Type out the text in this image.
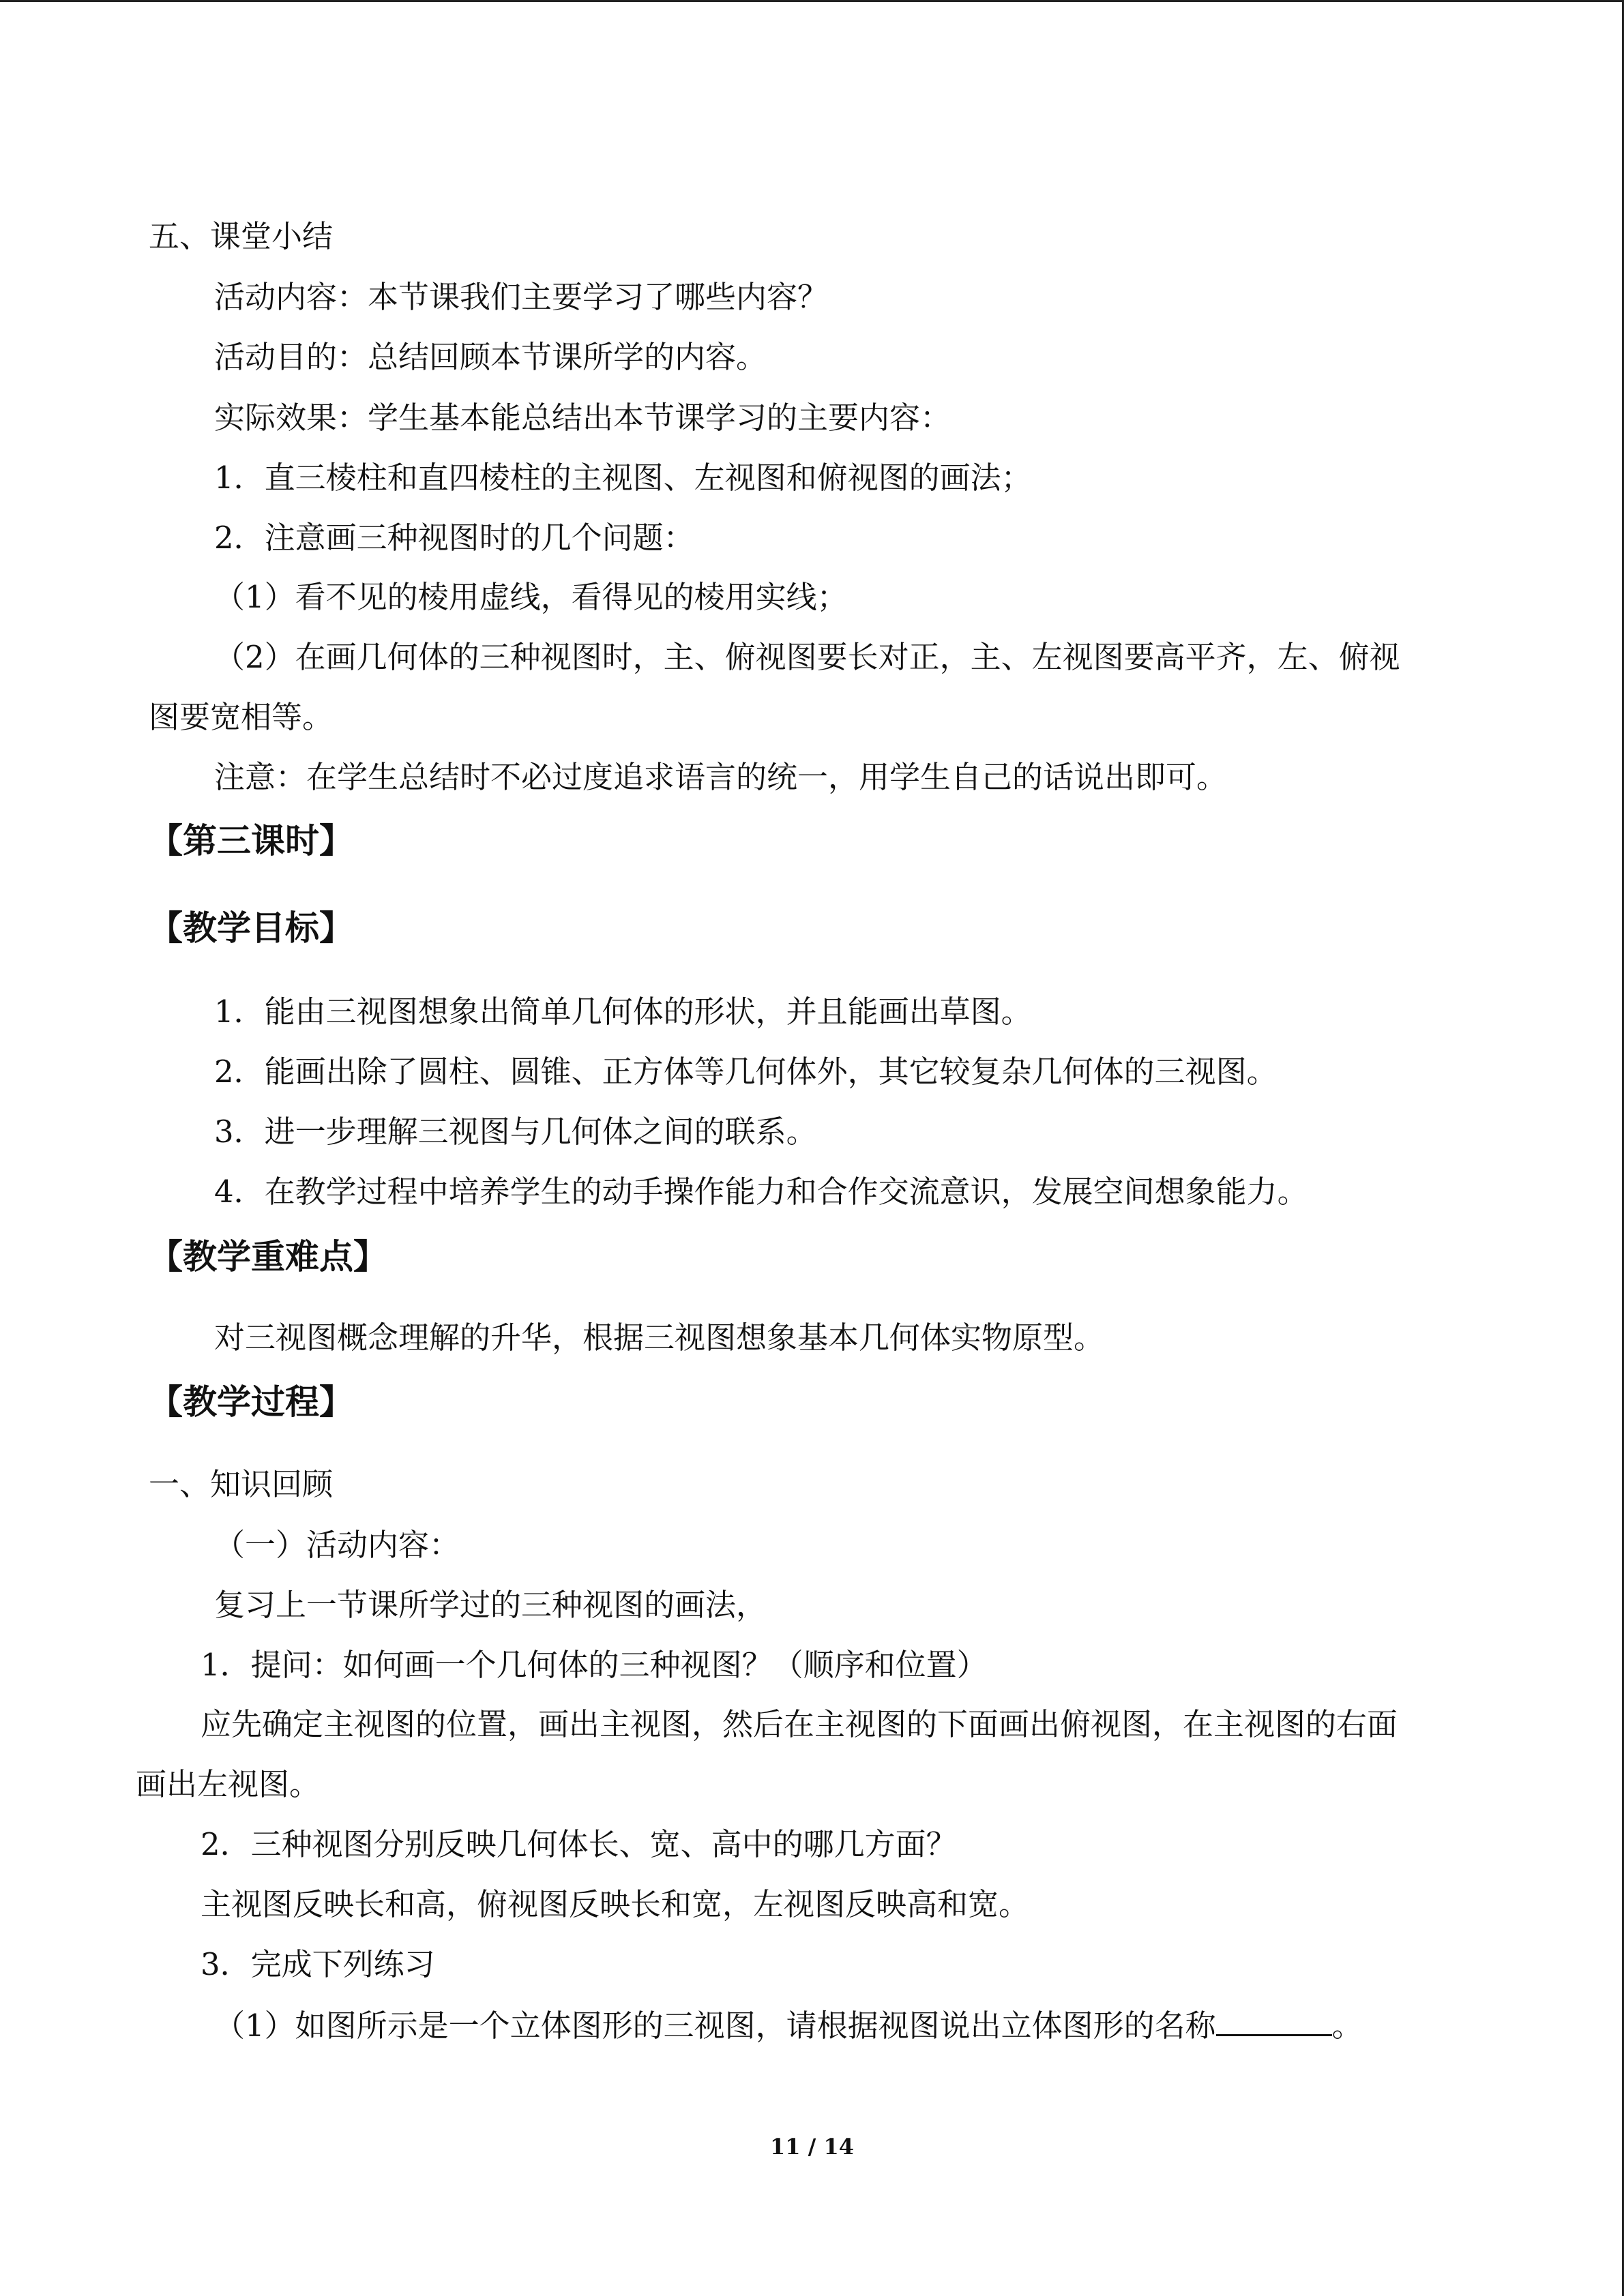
五、课堂小结
活动内容：本节课我们主要学习了哪些内容？
活动目的：总结回顾本节课所学的内容。
实际效果：学生基本能总结出本节课学习的主要内容：
1．直三棱柱和直四棱柱的主视图、左视图和俯视图的画法；
2．注意画三种视图时的几个问题：
（1）看不见的棱用虚线，看得见的棱用实线；
（2）在画几何体的三种视图时，主、俯视图要长对正，主、左视图要高平齐，左、俯视
图要宽相等。
注意：在学生总结时不必过度追求语言的统一，用学生自己的话说出即可。
【第三课时】
【教学目标】
1．能由三视图想象出简单几何体的形状，并且能画出草图。
2．能画出除了圆柱、圆锥、正方体等几何体外，其它较复杂几何体的三视图。
3．进一步理解三视图与几何体之间的联系。
4．在教学过程中培养学生的动手操作能力和合作交流意识，发展空间想象能力。
【教学重难点】
对三视图概念理解的升华，根据三视图想象基本几何体实物原型。
【教学过程】
一、知识回顾
（一）活动内容：
复习上一节课所学过的三种视图的画法，
1．提问：如何画一个几何体的三种视图？（顺序和位置）
应先确定主视图的位置，画出主视图，然后在主视图的下面画出俯视图，在主视图的右面
画出左视图。
2．三种视图分别反映几何体长、宽、高中的哪几方面？
主视图反映长和高，俯视图反映长和宽，左视图反映高和宽。
3．完成下列练习
（1）如图所示是一个立体图形的三视图，请根据视图说出立体图形的名称	。
11 / 14
